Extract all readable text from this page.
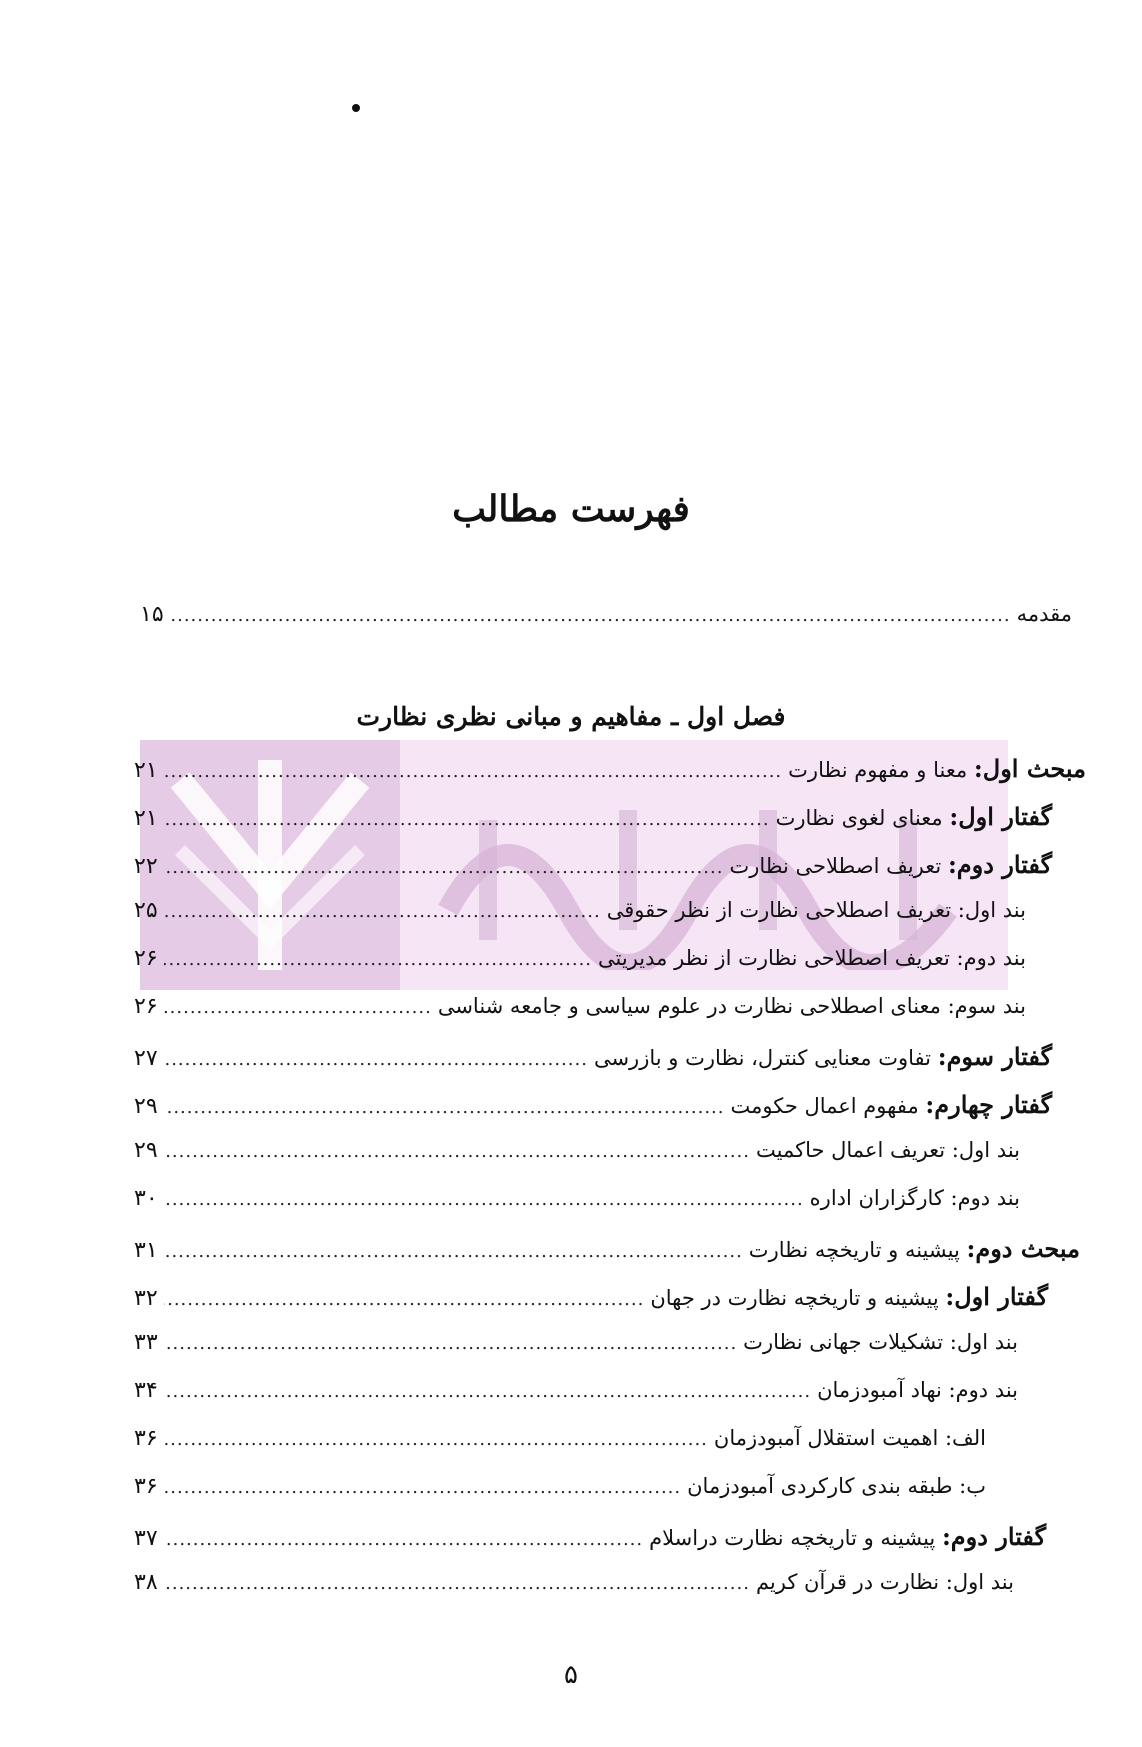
فهرست مطالب
مقدمه
.....
۱۵
فصل اول ـ مفاهیم و مبانی نظری نظارت
مبحث اول: معنا و مفهوم نظارت
.....
۲۱
گفتار اول: معنای لغوی نظارت
.....
۲۱
گفتار دوم: تعریف اصطلاحی نظارت
.....
۲۲
بند اول: تعریف اصطلاحی نظارت از نظر حقوقی
.....
۲۵
بند دوم: تعریف اصطلاحی نظارت از نظر مدیریتی
.....
۲۶
بند سوم: معنای اصطلاحی نظارت در علوم سیاسی و جامعه شناسی
.....
۲۶
گفتار سوم: تفاوت معنایی کنترل، نظارت و بازرسی
.....
۲۷
گفتار چهارم: مفهوم اعمال حکومت
.....
۲۹
بند اول: تعریف اعمال حاکمیت
.....
۲۹
بند دوم: کارگزاران اداره
.....
۳۰
مبحث دوم: پیشینه و تاریخچه نظارت
.....
۳۱
گفتار اول: پیشینه و تاریخچه نظارت در جهان
.....
۳۲
بند اول: تشکیلات جهانی نظارت
.....
۳۳
بند دوم: نهاد آمبودزمان
.....
۳۴
الف: اهمیت استقلال آمبودزمان
.....
۳۶
ب: طبقه بندی کارکردی آمبودزمان
.....
۳۶
گفتار دوم: پیشینه و تاریخچه نظارت دراسلام
.....
۳۷
بند اول: نظارت در قرآن کریم
.....
۳۸
۵
